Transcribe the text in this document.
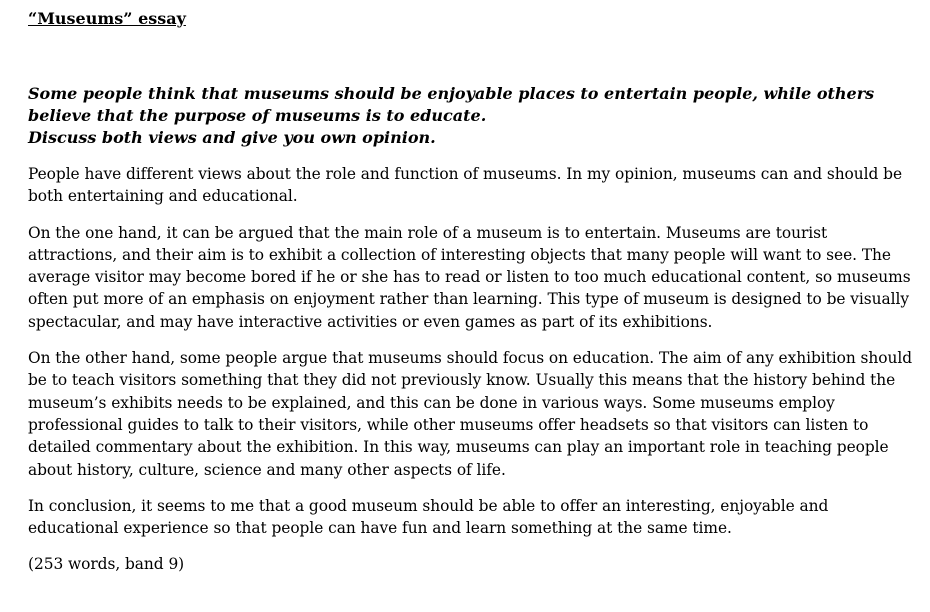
“Museums” essay
Some people think that museums should be enjoyable places to entertain people, while others believe that the purpose of museums is to educate.
Discuss both views and give you own opinion.

People have different views about the role and function of museums. In my opinion, museums can and should be both entertaining and educational.

On the one hand, it can be argued that the main role of a museum is to entertain. Museums are tourist attractions, and their aim is to exhibit a collection of interesting objects that many people will want to see. The average visitor may become bored if he or she has to read or listen to too much educational content, so museums often put more of an emphasis on enjoyment rather than learning. This type of museum is designed to be visually spectacular, and may have interactive activities or even games as part of its exhibitions.

On the other hand, some people argue that museums should focus on education. The aim of any exhibition should be to teach visitors something that they did not previously know. Usually this means that the history behind the museum’s exhibits needs to be explained, and this can be done in various ways. Some museums employ professional guides to talk to their visitors, while other museums offer headsets so that visitors can listen to detailed commentary about the exhibition. In this way, museums can play an important role in teaching people about history, culture, science and many other aspects of life.

In conclusion, it seems to me that a good museum should be able to offer an interesting, enjoyable and educational experience so that people can have fun and learn something at the same time.

(253 words, band 9)
